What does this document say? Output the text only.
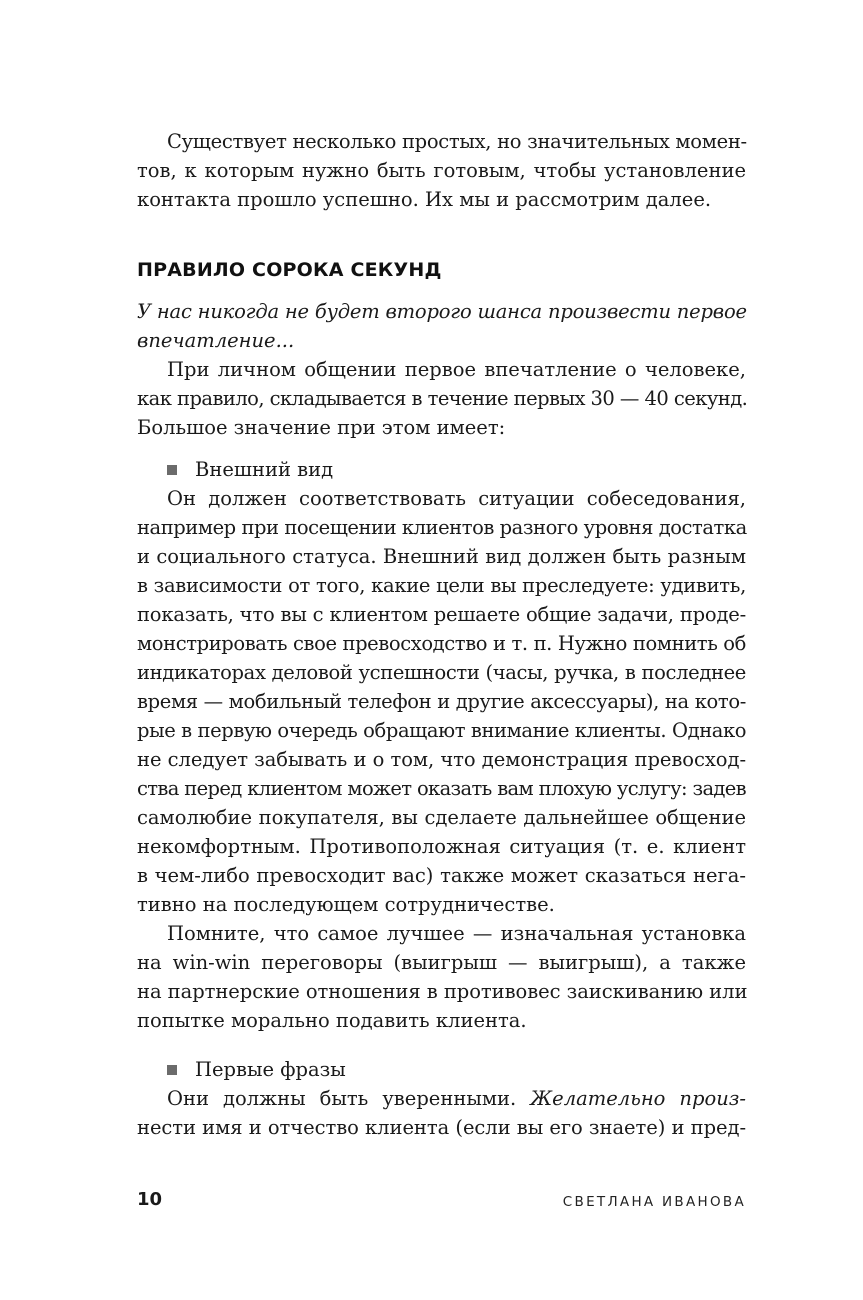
Существует несколько простых, но значительных момен-

тов, к которым нужно быть готовым, чтобы установление

контакта прошло успешно. Их мы и рассмотрим далее.

ПРАВИЛО СОРОКА СЕКУНД

У нас никогда не будет второго шанса произвести первое

впечатление...

При личном общении первое впечатление о человеке,

как правило, складывается в течение первых 30 — 40 секунд.

Большое значение при этом имеет:

Внешний вид

Он должен соответствовать ситуации собеседования,

например при посещении клиентов разного уровня достатка

и социального статуса. Внешний вид должен быть разным

в зависимости от того, какие цели вы преследуете: удивить,

показать, что вы с клиентом решаете общие задачи, проде-

монстрировать свое превосходство и т. п. Нужно помнить об

индикаторах деловой успешности (часы, ручка, в последнее

время — мобильный телефон и другие аксессуары), на кото-

рые в первую очередь обращают внимание клиенты. Однако

не следует забывать и о том, что демонстрация превосход-

ства перед клиентом может оказать вам плохую услугу: задев

самолюбие покупателя, вы сделаете дальнейшее общение

некомфортным. Противоположная ситуация (т. е. клиент

в чем-либо превосходит вас) также может сказаться нега-

тивно на последующем сотрудничестве.

Помните, что самое лучшее — изначальная установка

на win-win переговоры (выигрыш — выигрыш), а также

на партнерские отношения в противовес заискиванию или

попытке морально подавить клиента.

Первые фразы

Они должны быть уверенными. Желательно произ-

нести имя и отчество клиента (если вы его знаете) и пред-

10	СВЕТЛАНА ИВАНОВА
